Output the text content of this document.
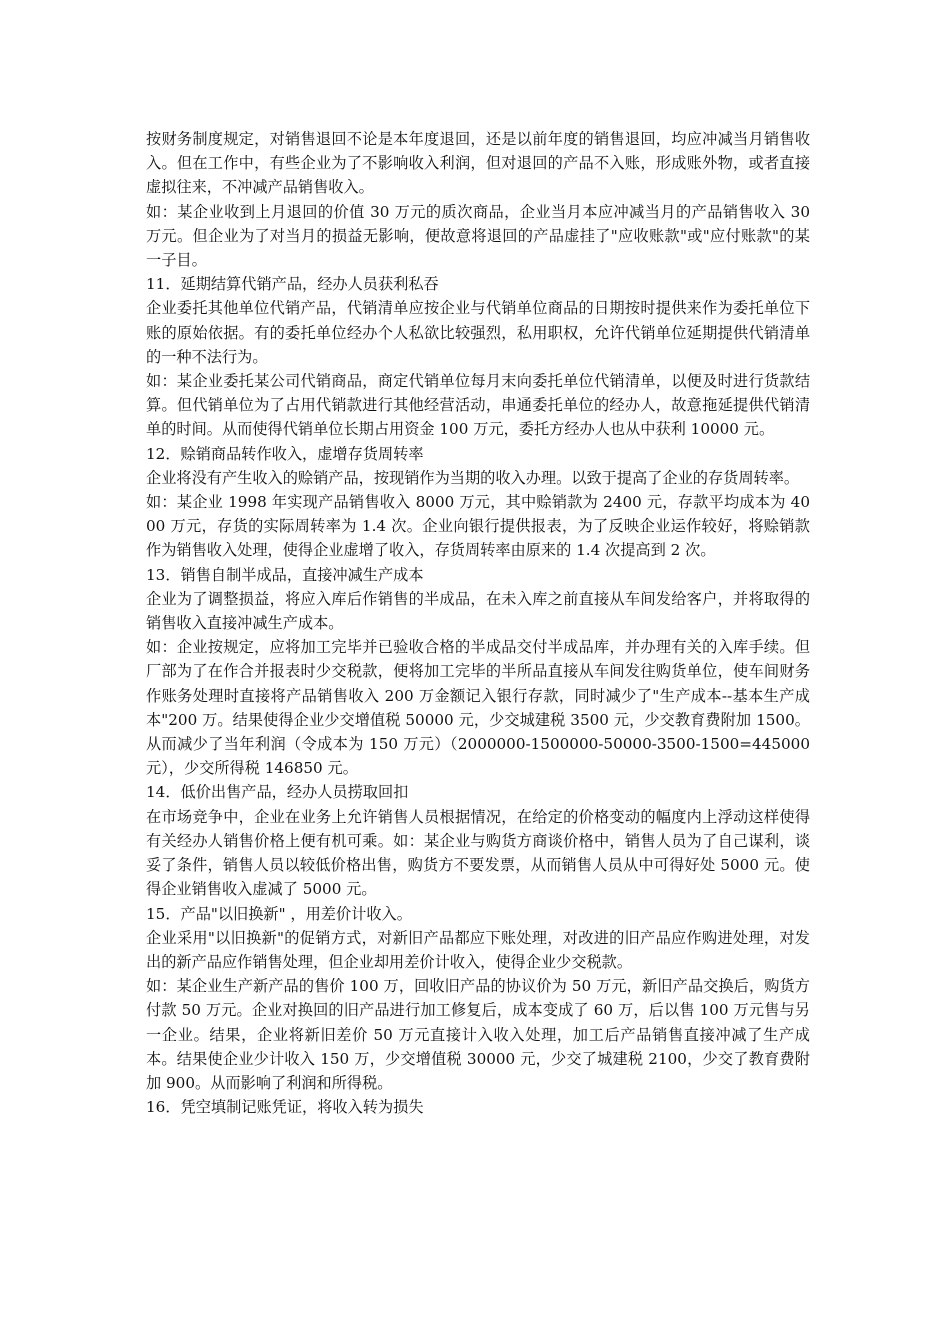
按财务制度规定，对销售退回不论是本年度退回，还是以前年度的销售退回，均应冲减当月销售收入。但在工作中，有些企业为了不影响收入利润，但对退回的产品不入账，形成账外物，或者直接虚拟往来，不冲减产品销售收入。

如：某企业收到上月退回的价值 30 万元的质次商品，企业当月本应冲减当月的产品销售收入 30 万元。但企业为了对当月的损益无影响，便故意将退回的产品虚挂了"应收账款"或"应付账款"的某一子目。

11．延期结算代销产品，经办人员获利私吞

企业委托其他单位代销产品，代销清单应按企业与代销单位商品的日期按时提供来作为委托单位下账的原始依据。有的委托单位经办个人私欲比较强烈，私用职权，允许代销单位延期提供代销清单的一种不法行为。

如：某企业委托某公司代销商品，商定代销单位每月末向委托单位代销清单，以便及时进行货款结算。但代销单位为了占用代销款进行其他经营活动，串通委托单位的经办人，故意拖延提供代销清单的时间。从而使得代销单位长期占用资金 100 万元，委托方经办人也从中获利 10000 元。

12．赊销商品转作收入，虚增存货周转率

企业将没有产生收入的赊销产品，按现销作为当期的收入办理。以致于提高了企业的存货周转率。

如：某企业 1998 年实现产品销售收入 8000 万元，其中赊销款为 2400 元，存款平均成本为 4000 万元，存货的实际周转率为 1.4 次。企业向银行提供报表，为了反映企业运作较好，将赊销款作为销售收入处理，使得企业虚增了收入，存货周转率由原来的 1.4 次提高到 2 次。

13．销售自制半成品，直接冲减生产成本

企业为了调整损益，将应入库后作销售的半成品，在未入库之前直接从车间发给客户，并将取得的销售收入直接冲减生产成本。

如：企业按规定，应将加工完毕并已验收合格的半成品交付半成品库，并办理有关的入库手续。但厂部为了在作合并报表时少交税款，便将加工完毕的半所品直接从车间发往购货单位，使车间财务作账务处理时直接将产品销售收入 200 万金额记入银行存款，同时减少了"生产成本--基本生产成本"200 万。结果使得企业少交增值税 50000 元，少交城建税 3500 元，少交教育费附加 1500。从而减少了当年利润（令成本为 150 万元）（2000000-1500000-50000-3500-1500=445000 元），少交所得税 146850 元。

14．低价出售产品，经办人员捞取回扣

在市场竞争中，企业在业务上允许销售人员根据情况，在给定的价格变动的幅度内上浮动这样使得有关经办人销售价格上便有机可乘。如：某企业与购货方商谈价格中，销售人员为了自己谋利，谈妥了条件，销售人员以较低价格出售，购货方不要发票，从而销售人员从中可得好处 5000 元。使得企业销售收入虚减了 5000 元。

15．产品"以旧换新" ，用差价计收入。

企业采用"以旧换新"的促销方式，对新旧产品都应下账处理，对改进的旧产品应作购进处理，对发出的新产品应作销售处理，但企业却用差价计收入，使得企业少交税款。

如：某企业生产新产品的售价 100 万，回收旧产品的协议价为 50 万元，新旧产品交换后，购货方付款 50 万元。企业对换回的旧产品进行加工修复后，成本变成了 60 万，后以售 100 万元售与另一企业。结果，企业将新旧差价 50 万元直接计入收入处理，加工后产品销售直接冲减了生产成本。结果使企业少计收入 150 万，少交增值税 30000 元，少交了城建税 2100，少交了教育费附加 900。从而影响了利润和所得税。

16．凭空填制记账凭证，将收入转为损失
